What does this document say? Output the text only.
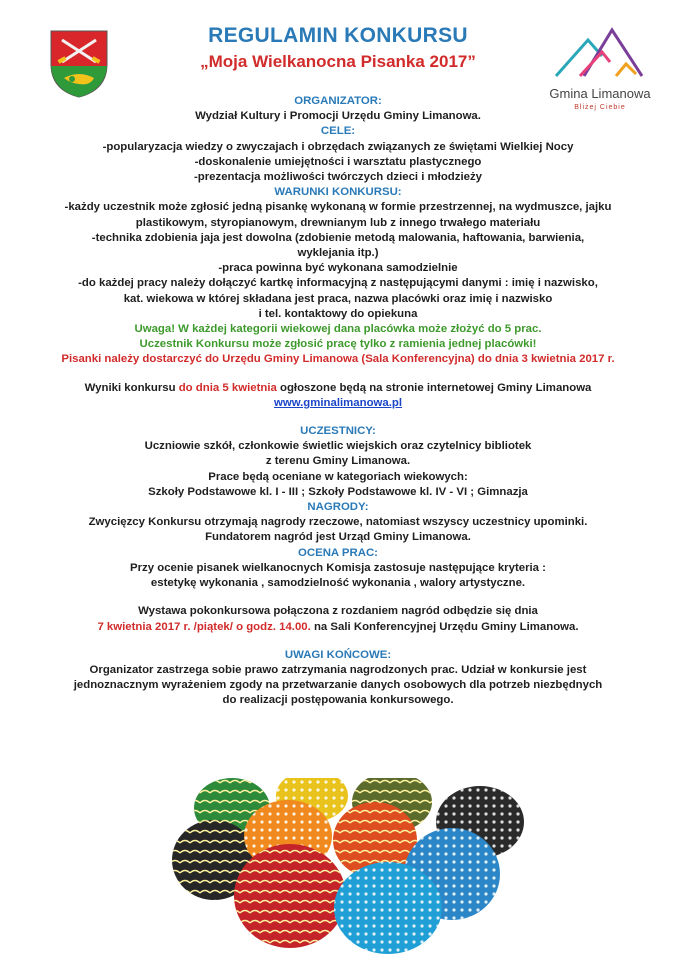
REGULAMIN KONKURSU
„Moja Wielkanocna Pisanka 2017”
Gmina Limanowa
Bliżej Ciebie

ORGANIZATOR:

Wydział Kultury i Promocji Urzędu Gminy Limanowa.

CELE:

-popularyzacja wiedzy o zwyczajach i obrzędach związanych ze świętami Wielkiej Nocy

-doskonalenie umiejętności i warsztatu plastycznego

-prezentacja możliwości twórczych dzieci i młodzieży

WARUNKI KONKURSU:

-każdy uczestnik może zgłosić jedną pisankę wykonaną w formie przestrzennej, na wydmuszce, jajku

plastikowym, styropianowym, drewnianym lub z innego trwałego materiału

-technika zdobienia jaja jest dowolna (zdobienie metodą malowania, haftowania, barwienia,

wyklejania itp.)

-praca powinna być wykonana samodzielnie

-do każdej pracy należy dołączyć kartkę informacyjną z następującymi danymi : imię i nazwisko,

kat. wiekowa w której składana jest praca, nazwa placówki oraz imię i nazwisko

i tel. kontaktowy do opiekuna

Uwaga! W każdej kategorii wiekowej dana placówka może złożyć do 5 prac.

Uczestnik Konkursu może zgłosić pracę tylko z ramienia jednej placówki!

Pisanki należy dostarczyć do Urzędu Gminy Limanowa (Sala Konferencyjna) do dnia 3 kwietnia 2017 r.

Wyniki konkursu do dnia 5 kwietnia ogłoszone będą na stronie internetowej Gminy Limanowa

www.gminalimanowa.pl

UCZESTNICY:

Uczniowie szkół, członkowie świetlic wiejskich oraz czytelnicy bibliotek

z terenu Gminy Limanowa.

Prace będą oceniane w kategoriach wiekowych:

Szkoły Podstawowe kl. I - III ; Szkoły Podstawowe kl. IV - VI ; Gimnazja

NAGRODY:

Zwycięzcy Konkursu otrzymają nagrody rzeczowe, natomiast wszyscy uczestnicy upominki.

Fundatorem nagród jest Urząd Gminy Limanowa.

OCENA PRAC:

Przy ocenie pisanek wielkanocnych Komisja zastosuje następujące kryteria :

estetykę wykonania , samodzielność wykonania , walory artystyczne.

Wystawa pokonkursowa połączona z rozdaniem nagród odbędzie się dnia

7 kwietnia 2017 r. /piątek/ o godz. 14.00. na Sali Konferencyjnej Urzędu Gminy Limanowa.

UWAGI KOŃCOWE:

Organizator zastrzega sobie prawo zatrzymania nagrodzonych prac. Udział w konkursie jest

jednoznacznym wyrażeniem zgody na przetwarzanie danych osobowych dla potrzeb niezbędnych

do realizacji postępowania konkursowego.
